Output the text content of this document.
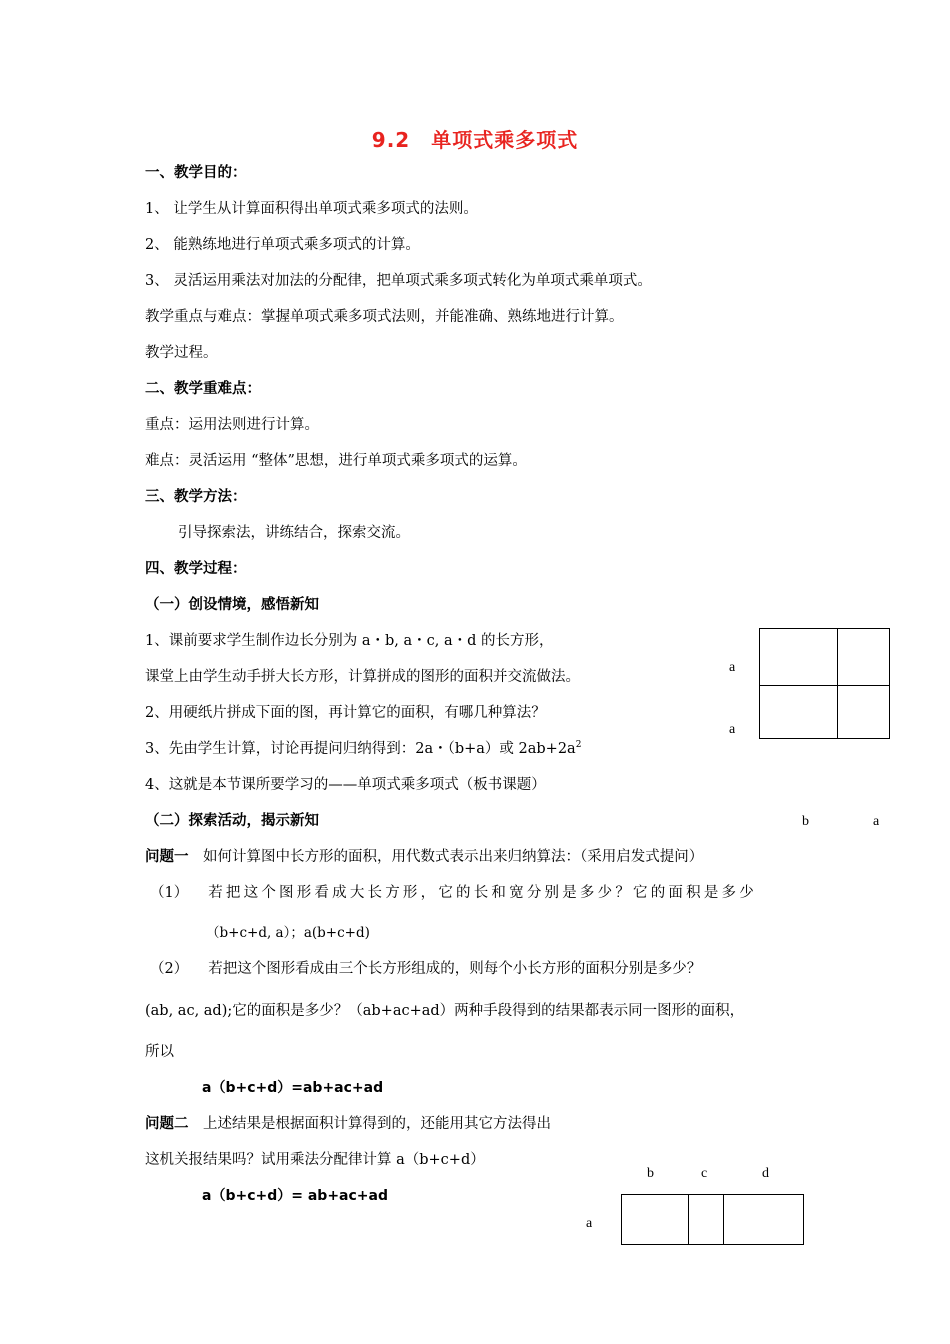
9.2　单项式乘多项式
一、教学目的：
1、 让学生从计算面积得出单项式乘多项式的法则。
2、 能熟练地进行单项式乘多项式的计算。
3、 灵活运用乘法对加法的分配律，把单项式乘多项式转化为单项式乘单项式。
教学重点与难点：掌握单项式乘多项式法则，并能准确、熟练地进行计算。
教学过程。
二、教学重难点：
重点：运用法则进行计算。
难点：灵活运用 “整体”思想，进行单项式乘多项式的运算。
三、教学方法：
引导探索法，讲练结合，探索交流。
四、教学过程：
（一）创设情境，感悟新知
1、课前要求学生制作边长分别为 a・b, a・c, a・d 的长方形，
课堂上由学生动手拼大长方形，计算拼成的图形的面积并交流做法。
2、用硬纸片拼成下面的图，再计算它的面积，有哪几种算法？
3、先由学生计算，讨论再提问归纳得到：2a・（b+a）或 $2ab+2a^2$
4、这就是本节课所要学习的——单项式乘多项式（板书课题）
（二）探索活动，揭示新知
问题一　如何计算图中长方形的面积，用代数式表示出来归纳算法：（采用启发式提问）
（1） 若把这个图形看成大长方形，它的长和宽分别是多少？它的面积是多少
（b+c+d, a）；a(b+c+d)
（2） 若把这个图形看成由三个长方形组成的，则每个小长方形的面积分别是多少？
(ab, ac, ad);它的面积是多少？（ab+ac+ad）两种手段得到的结果都表示同一图形的面积，
所以
a（b+c+d）=ab+ac+ad
问题二　上述结果是根据面积计算得到的，还能用其它方法得出
这机关报结果吗？试用乘法分配律计算 a（b+c+d）
a（b+c+d）= ab+ac+ad
a
a
b	a
b	c	d
a
